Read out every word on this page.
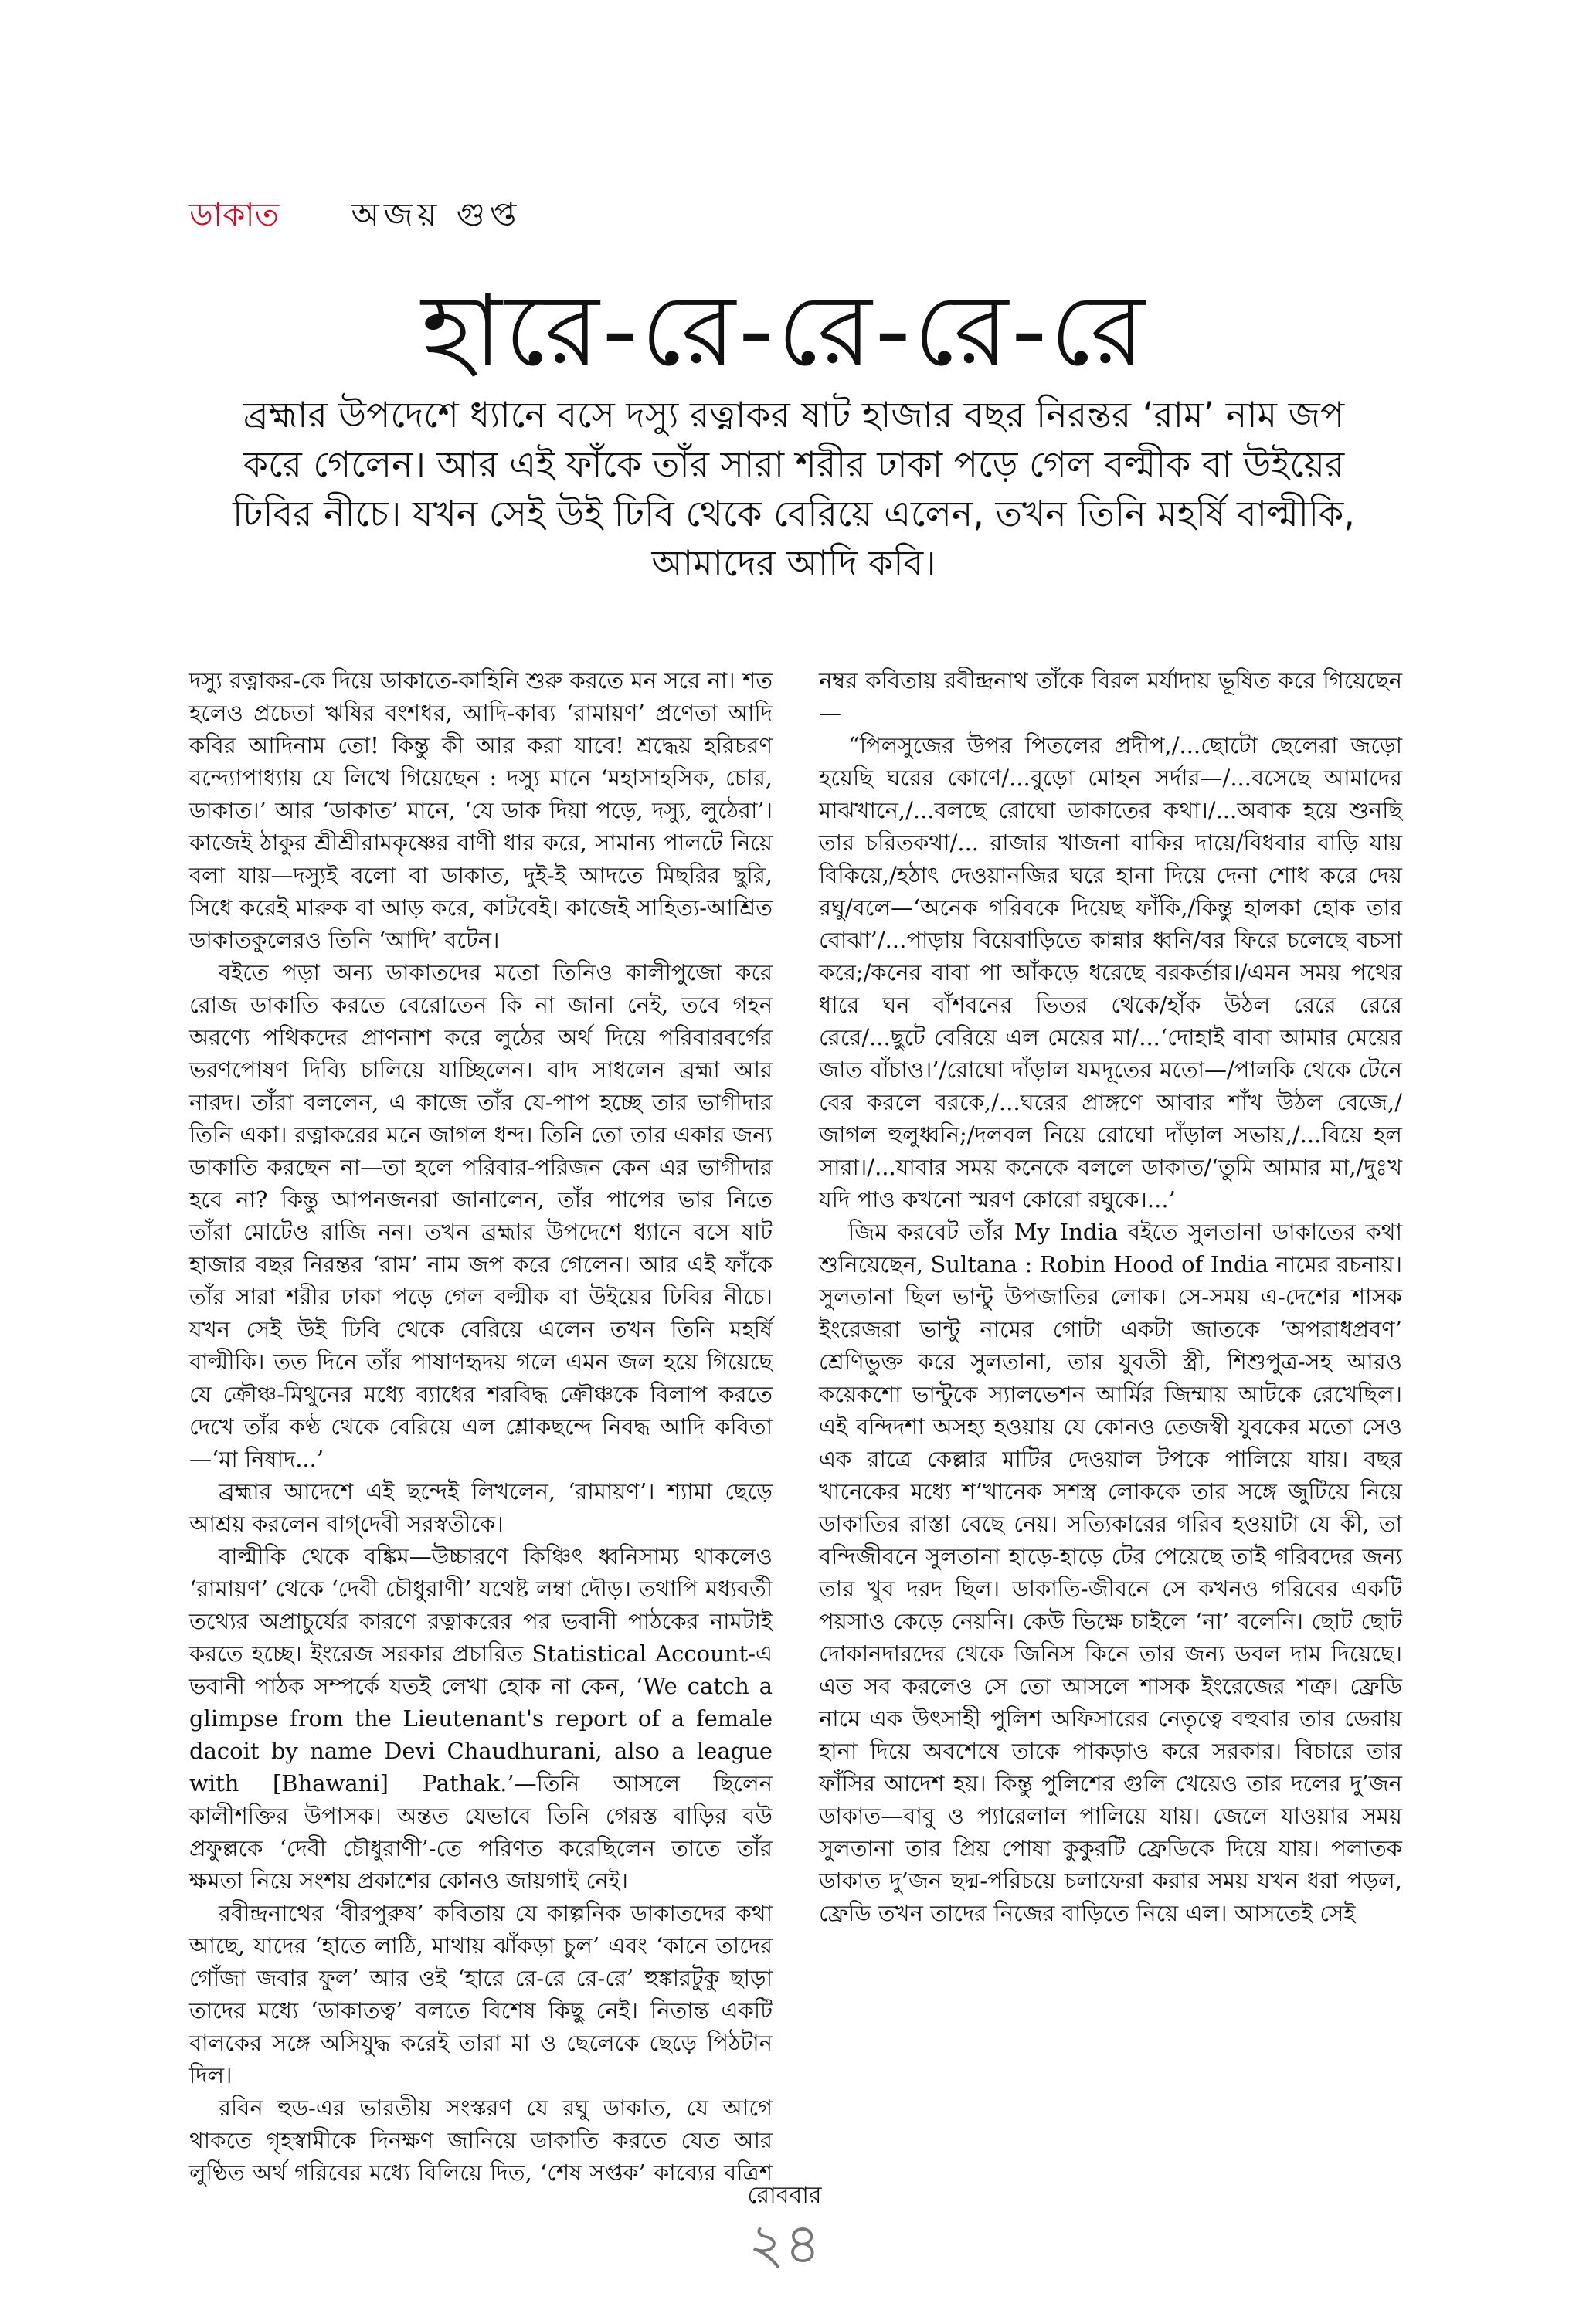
ডাকাত অজয় গুপ্ত
হারে-রে-রে-রে-রে
ব্রহ্মার উপদেশে ধ্যানে বসে দস্যু রত্নাকর ষাট হাজার বছর নিরন্তর ‘রাম’ নাম জপ করে গেলেন। আর এই ফাঁকে তাঁর সারা শরীর ঢাকা পড়ে গেল বল্মীক বা উইয়ের ঢিবির নীচে। যখন সেই উই ঢিবি থেকে বেরিয়ে এলেন, তখন তিনি মহর্ষি বাল্মীকি, আমাদের আদি কবি।

দস্যু রত্নাকর-কে দিয়ে ডাকাতে-কাহিনি শুরু করতে মন সরে না। শত হলেও প্রচেতা ঋষির বংশধর, আদি-কাব্য ‘রামায়ণ’ প্রণেতা আদি কবির আদিনাম তো! কিন্তু কী আর করা যাবে! শ্রদ্ধেয় হরিচরণ বন্দ্যোপাধ্যায় যে লিখে গিয়েছেন : দস্যু মানে ‘মহাসাহসিক, চোর, ডাকাত।’ আর ‘ডাকাত’ মানে, ‘যে ডাক দিয়া পড়ে, দস্যু, লুঠেরা’। কাজেই ঠাকুর শ্রীশ্রীরামকৃষ্ণের বাণী ধার করে, সামান্য পালটে নিয়ে বলা যায়—দস্যুই বলো বা ডাকাত, দুই-ই আদতে মিছরির ছুরি, সিধে করেই মারুক বা আড় করে, কাটবেই। কাজেই সাহিত্য-আশ্রিত ডাকাতকুলেরও তিনি ‘আদি’ বটেন।

বইতে পড়া অন্য ডাকাতদের মতো তিনিও কালীপুজো করে রোজ ডাকাতি করতে বেরোতেন কি না জানা নেই, তবে গহন অরণ্যে পথিকদের প্রাণনাশ করে লুঠের অর্থ দিয়ে পরিবারবর্গের ভরণপোষণ দিব্যি চালিয়ে যাচ্ছিলেন। বাদ সাধলেন ব্রহ্মা আর নারদ। তাঁরা বললেন, এ কাজে তাঁর যে-পাপ হচ্ছে তার ভাগীদার তিনি একা। রত্নাকরের মনে জাগল ধন্দ। তিনি তো তার একার জন্য ডাকাতি করছেন না—তা হলে পরিবার-পরিজন কেন এর ভাগীদার হবে না? কিন্তু আপনজনরা জানালেন, তাঁর পাপের ভার নিতে তাঁরা মোটেও রাজি নন। তখন ব্রহ্মার উপদেশে ধ্যানে বসে ষাট হাজার বছর নিরন্তর ‘রাম’ নাম জপ করে গেলেন। আর এই ফাঁকে তাঁর সারা শরীর ঢাকা পড়ে গেল বল্মীক বা উইয়ের ঢিবির নীচে। যখন সেই উই ঢিবি থেকে বেরিয়ে এলেন তখন তিনি মহর্ষি বাল্মীকি। তত দিনে তাঁর পাষাণহৃদয় গলে এমন জল হয়ে গিয়েছে যে ক্রৌঞ্চ-মিথুনের মধ্যে ব্যাধের শরবিদ্ধ ক্রৌঞ্চকে বিলাপ করতে দেখে তাঁর কণ্ঠ থেকে বেরিয়ে এল শ্লোকছন্দে নিবদ্ধ আদি কবিতা—‘মা নিষাদ...’

ব্রহ্মার আদেশে এই ছন্দেই লিখলেন, ‘রামায়ণ’। শ্যামা ছেড়ে আশ্রয় করলেন বাগ্‌দেবী সরস্বতীকে।

বাল্মীকি থেকে বঙ্কিম—উচ্চারণে কিঞ্চিৎ ধ্বনিসাম্য থাকলেও ‘রামায়ণ’ থেকে ‘দেবী চৌধুরাণী’ যথেষ্ট লম্বা দৌড়। তথাপি মধ্যবর্তী তথ্যের অপ্রাচুর্যের কারণে রত্নাকরের পর ভবানী পাঠকের নামটাই করতে হচ্ছে। ইংরেজ সরকার প্রচারিত Statistical Account-এ ভবানী পাঠক সম্পর্কে যতই লেখা হোক না কেন, ‘We catch a glimpse from the Lieutenant's report of a female dacoit by name Devi Chaudhurani, also a league with [Bhawani] Pathak.’—তিনি আসলে ছিলেন কালীশক্তির উপাসক। অন্তত যেভাবে তিনি গেরস্ত বাড়ির বউ প্রফুল্লকে ‘দেবী চৌধুরাণী’-তে পরিণত করেছিলেন তাতে তাঁর ক্ষমতা নিয়ে সংশয় প্রকাশের কোনও জায়গাই নেই।

রবীন্দ্রনাথের ‘বীরপুরুষ’ কবিতায় যে কাল্পনিক ডাকাতদের কথা আছে, যাদের ‘হাতে লাঠি, মাথায় ঝাঁকড়া চুল’ এবং ‘কানে তাদের গোঁজা জবার ফুল’ আর ওই ‘হারে রে-রে রে-রে’ হুঙ্কারটুকু ছাড়া তাদের মধ্যে ‘ডাকাতত্ব’ বলতে বিশেষ কিছু নেই। নিতান্ত একটি বালকের সঙ্গে অসিযুদ্ধ করেই তারা মা ও ছেলেকে ছেড়ে পিঠটান দিল।

রবিন হুড-এর ভারতীয় সংস্করণ যে রঘু ডাকাত, যে আগে থাকতে গৃহস্বামীকে দিনক্ষণ জানিয়ে ডাকাতি করতে যেত আর লুণ্ঠিত অর্থ গরিবের মধ্যে বিলিয়ে দিত, ‘শেষ সপ্তক’ কাব্যের বত্রিশ নম্বর কবিতায় রবীন্দ্রনাথ তাঁকে বিরল মর্যাদায় ভূষিত করে গিয়েছেন—

“পিলসুজের উপর পিতলের প্রদীপ,/...ছোটো ছেলেরা জড়ো হয়েছি ঘরের কোণে/...বুড়ো মোহন সর্দার—/...বসেছে আমাদের মাঝখানে,/...বলছে রোঘো ডাকাতের কথা।/...অবাক হয়ে শুনছি তার চরিতকথা/... রাজার খাজনা বাকির দায়ে/বিধবার বাড়ি যায় বিকিয়ে,/হঠাৎ দেওয়ানজির ঘরে হানা দিয়ে দেনা শোধ করে দেয় রঘু/বলে—‘অনেক গরিবকে দিয়েছ ফাঁকি,/কিন্তু হালকা হোক তার বোঝা’/...পাড়ায় বিয়েবাড়িতে কান্নার ধ্বনি/বর ফিরে চলেছে বচসা করে;/কনের বাবা পা আঁকড়ে ধরেছে বরকর্তার।/এমন সময় পথের ধারে ঘন বাঁশবনের ভিতর থেকে/হাঁক উঠল রেরে রেরে রেরে/...ছুটে বেরিয়ে এল মেয়ের মা/...‘দোহাই বাবা আমার মেয়ের জাত বাঁচাও।’/রোঘো দাঁড়াল যমদূতের মতো—/পালকি থেকে টেনে বের করলে বরকে,/...ঘরের প্রাঙ্গণে আবার শাঁখ উঠল বেজে,/জাগল হুলুধ্বনি;/দলবল নিয়ে রোঘো দাঁড়াল সভায়,/...বিয়ে হল সারা।/...যাবার সময় কনেকে বললে ডাকাত/‘তুমি আমার মা,/দুঃখ যদি পাও কখনো স্মরণ কোরো রঘুকে।...’

জিম করবেট তাঁর My India বইতে সুলতানা ডাকাতের কথা শুনিয়েছেন, Sultana : Robin Hood of India নামের রচনায়। সুলতানা ছিল ভান্টু উপজাতির লোক। সে-সময় এ-দেশের শাসক ইংরেজরা ভান্টু নামের গোটা একটা জাতকে ‘অপরাধপ্রবণ’ শ্রেণিভুক্ত করে সুলতানা, তার যুবতী স্ত্রী, শিশুপুত্র-সহ আরও কয়েকশো ভান্টুকে স্যালভেশন আর্মির জিম্মায় আটকে রেখেছিল। এই বন্দিদশা অসহ্য হওয়ায় যে কোনও তেজস্বী যুবকের মতো সেও এক রাত্রে কেল্লার মাটির দেওয়াল টপকে পালিয়ে যায়। বছর খানেকের মধ্যে শ’খানেক সশস্ত্র লোককে তার সঙ্গে জুটিয়ে নিয়ে ডাকাতির রাস্তা বেছে নেয়। সত্যিকারের গরিব হওয়াটা যে কী, তা বন্দিজীবনে সুলতানা হাড়ে-হাড়ে টের পেয়েছে তাই গরিবদের জন্য তার খুব দরদ ছিল। ডাকাতি-জীবনে সে কখনও গরিবের একটি পয়সাও কেড়ে নেয়নি। কেউ ভিক্ষে চাইলে ‘না’ বলেনি। ছোট ছোট দোকানদারদের থেকে জিনিস কিনে তার জন্য ডবল দাম দিয়েছে। এত সব করলেও সে তো আসলে শাসক ইংরেজের শত্রু। ফ্রেডি নামে এক উৎসাহী পুলিশ অফিসারের নেতৃত্বে বহুবার তার ডেরায় হানা দিয়ে অবশেষে তাকে পাকড়াও করে সরকার। বিচারে তার ফাঁসির আদেশ হয়। কিন্তু পুলিশের গুলি খেয়েও তার দলের দু’জন ডাকাত—বাবু ও প্যারেলাল পালিয়ে যায়। জেলে যাওয়ার সময় সুলতানা তার প্রিয় পোষা কুকুরটি ফ্রেডিকে দিয়ে যায়। পলাতক ডাকাত দু’জন ছদ্ম-পরিচয়ে চলাফেরা করার সময় যখন ধরা পড়ল, ফ্রেডি তখন তাদের নিজের বাড়িতে নিয়ে এল। আসতেই সেই

রোববার
২৪
